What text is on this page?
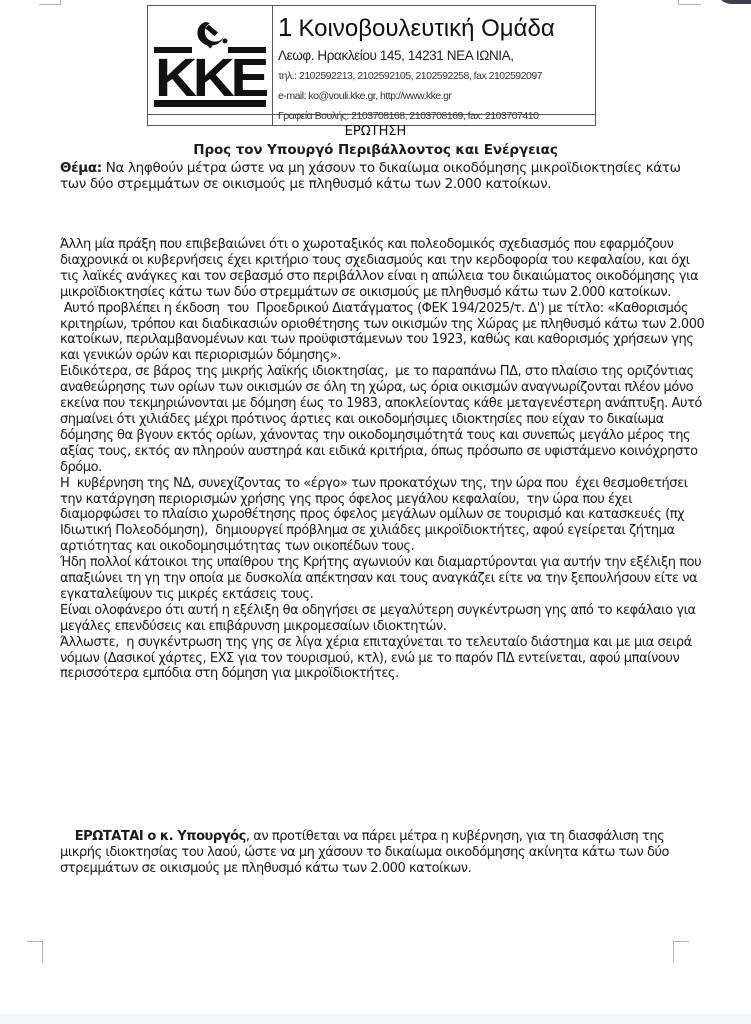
ΚΚΕ
1 Κοινοβουλευτική Ομάδα
Λεωφ. Ηρακλείου 145, 14231 ΝΕΑ ΙΩΝΙΑ,
τηλ.: 2102592213, 2102592105, 2102592258, fax 2102592097
e-mail: ko@vouli.kke.gr, http://www.kke.gr
Γραφεία Βουλής: 2103708168, 2103708169, fax: 2103707410
ΕΡΩΤΗΣΗ
Προς τον Υπουργό Περιβάλλοντος και Ενέργειας
Θέμα: Να ληφθούν μέτρα ώστε να μη χάσουν το δικαίωμα οικοδόμησης μικροϊδιοκτησίες κάτω των δύο στρεμμάτων σε οικισμούς με πληθυσμό κάτω των 2.000 κατοίκων.

Άλλη μία πράξη που επιβεβαιώνει ότι ο χωροταξικός και πολεοδομικός σχεδιασμός που εφαρμόζουν διαχρονικά οι κυβερνήσεις έχει κριτήριο τους σχεδιασμούς και την κερδοφορία του κεφαλαίου, και όχι τις λαϊκές ανάγκες και τον σεβασμό στο περιβάλλον είναι η απώλεια του δικαιώματος οικοδόμησης για μικροϊδιοκτησίες κάτω των δύο στρεμμάτων σε οικισμούς με πληθυσμό κάτω των 2.000 κατοίκων.

Αυτό προβλέπει η έκδοση  του  Προεδρικού Διατάγματος (ΦΕΚ 194/2025/τ. Δ') με τίτλο: «Καθορισμός κριτηρίων, τρόπου και διαδικασιών οριοθέτησης των οικισμών της Χώρας με πληθυσμό κάτω των 2.000 κατοίκων, περιλαμβανομένων και των προϋφιστάμενων του 1923, καθώς και καθορισμός χρήσεων γης και γενικών ορών και περιορισμών δόμησης».

Ειδικότερα, σε βάρος της μικρής λαϊκής ιδιοκτησίας,  με το παραπάνω ΠΔ, στο πλαίσιο της οριζόντιας αναθεώρησης των ορίων των οικισμών σε όλη τη χώρα, ως όρια οικισμών αναγνωρίζονται πλέον μόνο εκείνα που τεκμηριώνονται με δόμηση έως το 1983, αποκλείοντας κάθε μεταγενέστερη ανάπτυξη. Αυτό σημαίνει ότι χιλιάδες μέχρι πρότινος άρτιες και οικοδομήσιμες ιδιοκτησίες που είχαν το δικαίωμα δόμησης θα βγουν εκτός ορίων, χάνοντας την οικοδομησιμότητά τους και συνεπώς μεγάλο μέρος της αξίας τους, εκτός αν πληρούν αυστηρά και ειδικά κριτήρια, όπως πρόσωπο σε υφιστάμενο κοινόχρηστο δρόμο.

Η  κυβέρνηση της ΝΔ, συνεχίζοντας το «έργο» των προκατόχων της, την ώρα που  έχει θεσμοθετήσει την κατάργηση περιορισμών χρήσης γης προς όφελος μεγάλου κεφαλαίου,  την ώρα που έχει διαμορφώσει το πλαίσιο χωροθέτησης προς όφελος μεγάλων ομίλων σε τουρισμό και κατασκευές (πχ Ιδιωτική Πολεοδόμηση),  δημιουργεί πρόβλημα σε χιλιάδες μικροϊδιοκτήτες, αφού εγείρεται ζήτημα αρτιότητας και οικοδομησιμότητας των οικοπέδων τους.

Ήδη πολλοί κάτοικοι της υπαίθρου της Κρήτης αγωνιούν και διαμαρτύρονται για αυτήν την εξέλιξη που απαξιώνει τη γη την οποία με δυσκολία απέκτησαν και τους αναγκάζει είτε να την ξεπουλήσουν είτε να εγκαταλείψουν τις μικρές εκτάσεις τους.

Είναι ολοφάνερο ότι αυτή η εξέλιξη θα οδηγήσει σε μεγαλύτερη συγκέντρωση γης από το κεφάλαιο για μεγάλες επενδύσεις και επιβάρυνση μικρομεσαίων ιδιοκτητών.

Άλλωστε,  η συγκέντρωση της γης σε λίγα χέρια επιταχύνεται το τελευταίο διάστημα και με μια σειρά νόμων (Δασικοί χάρτες, ΕΧΣ για τον τουρισμού, κτλ), ενώ με το παρόν ΠΔ εντείνεται, αφού μπαίνουν περισσότερα εμπόδια στη δόμηση για μικροϊδιοκτήτες.

ΕΡΩΤΑΤΑΙ ο κ. Υπουργός, αν προτίθεται να πάρει μέτρα η κυβέρνηση, για τη διασφάλιση της μικρής ιδιοκτησίας του λαού, ώστε να μη χάσουν το δικαίωμα οικοδόμησης ακίνητα κάτω των δύο στρεμμάτων σε οικισμούς με πληθυσμό κάτω των 2.000 κατοίκων.
